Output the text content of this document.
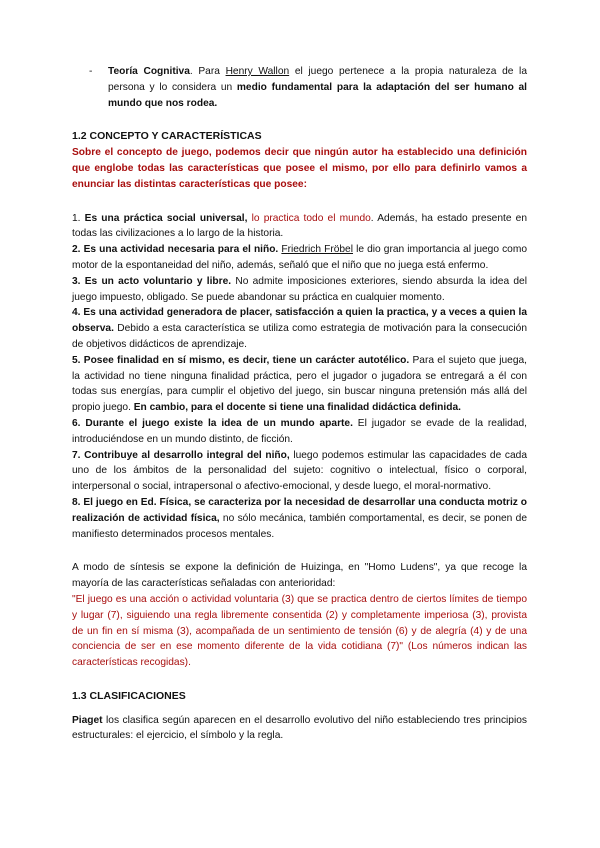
-	Teoría Cognitiva. Para Henry Wallon el juego pertenece a la propia naturaleza de la persona y lo considera un medio fundamental para la adaptación del ser humano al mundo que nos rodea.

1.2 CONCEPTO Y CARACTERÍSTICAS

Sobre el concepto de juego, podemos decir que ningún autor ha establecido una definición que englobe todas las características que posee el mismo, por ello para definirlo vamos a enunciar las distintas características que posee:

1. Es una práctica social universal, lo practica todo el mundo. Además, ha estado presente en todas las civilizaciones a lo largo de la historia.

2. Es una actividad necesaria para el niño. Friedrich Fröbel le dio gran importancia al juego como motor de la espontaneidad del niño, además, señaló que el niño que no juega está enfermo.

3. Es un acto voluntario y libre. No admite imposiciones exteriores, siendo absurda la idea del juego impuesto, obligado. Se puede abandonar su práctica en cualquier momento.

4. Es una actividad generadora de placer, satisfacción a quien la practica, y a veces a quien la observa. Debido a esta característica se utiliza como estrategia de motivación para la consecución de objetivos didácticos de aprendizaje.

5. Posee finalidad en sí mismo, es decir, tiene un carácter autotélico. Para el sujeto que juega, la actividad no tiene ninguna finalidad práctica, pero el jugador o jugadora se entregará a él con todas sus energías, para cumplir el objetivo del juego, sin buscar ninguna pretensión más allá del propio juego. En cambio, para el docente si tiene una finalidad didáctica definida.

6. Durante el juego existe la idea de un mundo aparte. El jugador se evade de la realidad, introduciéndose en un mundo distinto, de ficción.

7. Contribuye al desarrollo integral del niño, luego podemos estimular las capacidades de cada uno de los ámbitos de la personalidad del sujeto: cognitivo o intelectual, físico o corporal, interpersonal o social, intrapersonal o afectivo-emocional, y desde luego, el moral-normativo.

8. El juego en Ed. Física, se caracteriza por la necesidad de desarrollar una conducta motriz o realización de actividad física, no sólo mecánica, también comportamental, es decir, se ponen de manifiesto determinados procesos mentales.

A modo de síntesis se expone la definición de Huizinga, en "Homo Ludens", ya que recoge la mayoría de las características señaladas con anterioridad:

"El juego es una acción o actividad voluntaria (3) que se practica dentro de ciertos límites de tiempo y lugar (7), siguiendo una regla libremente consentida (2) y completamente imperiosa (3), provista de un fin en sí misma (3), acompañada de un sentimiento de tensión (6) y de alegría (4) y de una conciencia de ser en ese momento diferente de la vida cotidiana (7)" (Los números indican las características recogidas).

1.3 CLASIFICACIONES

Piaget los clasifica según aparecen en el desarrollo evolutivo del niño estableciendo tres principios estructurales: el ejercicio, el símbolo y la regla.
